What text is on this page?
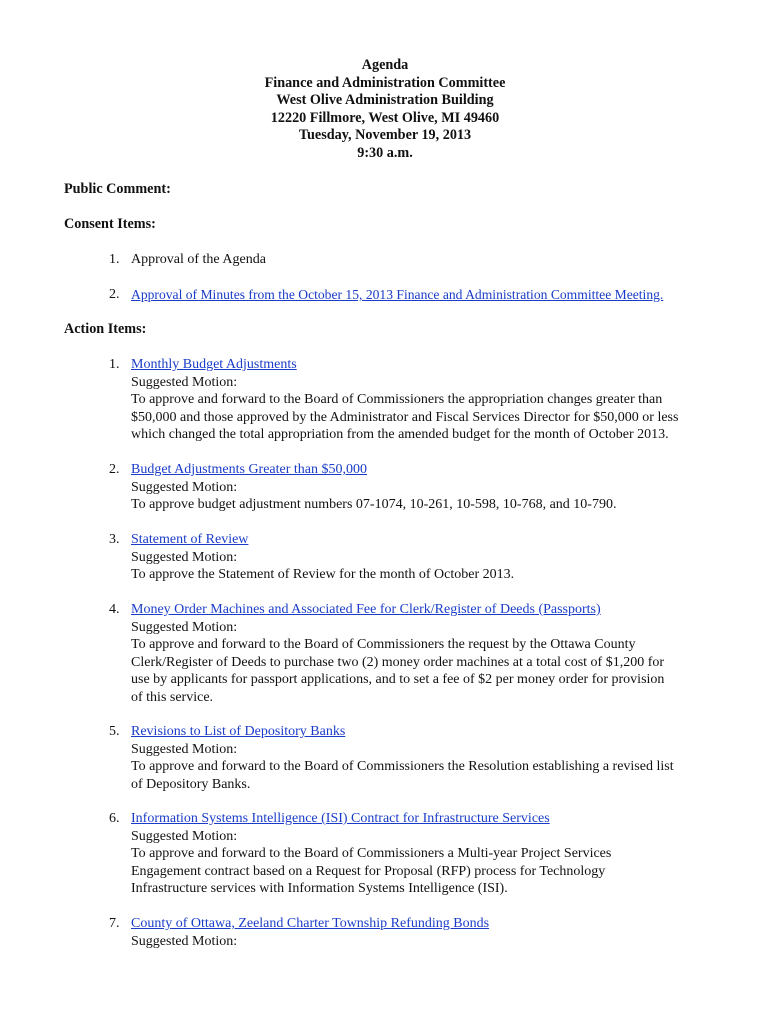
Agenda
Finance and Administration Committee
West Olive Administration Building
12220 Fillmore, West Olive, MI 49460
Tuesday, November 19, 2013
9:30 a.m.
Public Comment:
Consent Items:
1. Approval of the Agenda
2. Approval of Minutes from the October 15, 2013 Finance and Administration Committee Meeting.
Action Items:
1. Monthly Budget Adjustments
Suggested Motion:
To approve and forward to the Board of Commissioners the appropriation changes greater than
$50,000 and those approved by the Administrator and Fiscal Services Director for $50,000 or less
which changed the total appropriation from the amended budget for the month of October 2013.
2. Budget Adjustments Greater than $50,000
Suggested Motion:
To approve budget adjustment numbers 07-1074, 10-261, 10-598, 10-768, and 10-790.
3. Statement of Review
Suggested Motion:
To approve the Statement of Review for the month of October 2013.
4. Money Order Machines and Associated Fee for Clerk/Register of Deeds (Passports)
Suggested Motion:
To approve and forward to the Board of Commissioners the request by the Ottawa County
Clerk/Register of Deeds to purchase two (2) money order machines at a total cost of $1,200 for
use by applicants for passport applications, and to set a fee of $2 per money order for provision
of this service.
5. Revisions to List of Depository Banks
Suggested Motion:
To approve and forward to the Board of Commissioners the Resolution establishing a revised list
of Depository Banks.
6. Information Systems Intelligence (ISI) Contract for Infrastructure Services
Suggested Motion:
To approve and forward to the Board of Commissioners a Multi-year Project Services
Engagement contract based on a Request for Proposal (RFP) process for Technology
Infrastructure services with Information Systems Intelligence (ISI).
7. County of Ottawa, Zeeland Charter Township Refunding Bonds
Suggested Motion:
